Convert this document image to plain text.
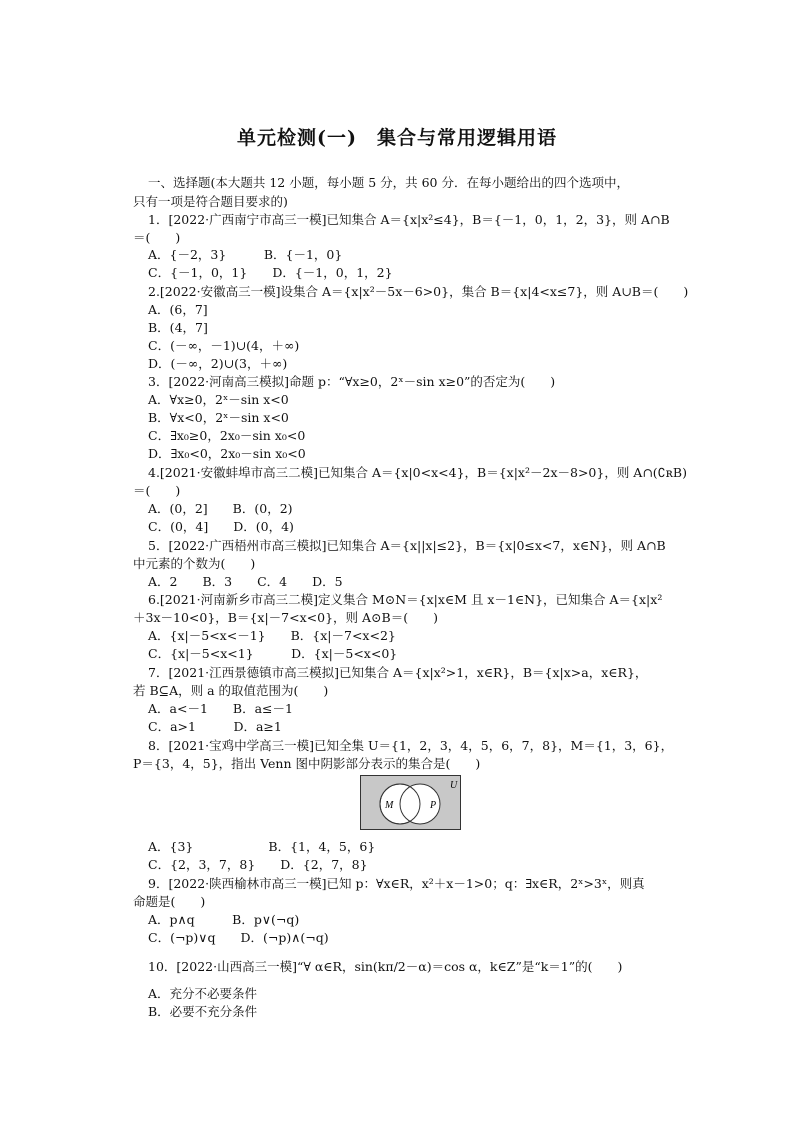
单元检测(一)　集合与常用逻辑用语
一、选择题(本大题共 12 小题，每小题 5 分，共 60 分．在每小题给出的四个选项中，
只有一项是符合题目要求的)
1．[2022·广西南宁市高三一模]已知集合 A＝{x|x²≤4}，B＝{－1，0，1，2，3}，则 A∩B
＝(　　)
A．{－2，3}　　　B．{－1，0}
C．{－1，0，1}　　D．{－1，0，1，2}
2.[2022·安徽高三一模]设集合 A＝{x|x²－5x－6>0}，集合 B＝{x|4<x≤7}，则 A∪B＝(　　)
A．(6，7]
B．(4，7]
C．(－∞，－1)∪(4，＋∞)
D．(－∞，2)∪(3，＋∞)
3．[2022·河南高三模拟]命题 p：“∀x≥0，2ˣ－sin x≥0”的否定为(　　)
A．∀x≥0，2ˣ－sin x<0
B．∀x<0，2ˣ－sin x<0
C．∃x₀≥0，2x₀－sin x₀<0
D．∃x₀<0，2x₀－sin x₀<0
4.[2021·安徽蚌埠市高三二模]已知集合 A＝{x|0<x<4}，B＝{x|x²－2x－8>0}，则 A∩(∁ʀB)
＝(　　)
A．(0，2]　　B．(0，2)
C．(0，4]　　D．(0，4)
5．[2022·广西梧州市高三模拟]已知集合 A＝{x||x|≤2}，B＝{x|0≤x<7，x∈N}，则 A∩B
中元素的个数为(　　)
A．2　　B．3　　C．4　　D．5
6.[2021·河南新乡市高三二模]定义集合 M⊙N＝{x|x∈M 且 x－1∈N}，已知集合 A＝{x|x²
＋3x－10<0}，B＝{x|－7<x<0}，则 A⊙B＝(　　)
A．{x|－5<x<－1}　　B．{x|－7<x<2}
C．{x|－5<x<1}　　　D．{x|－5<x<0}
7．[2021·江西景德镇市高三模拟]已知集合 A＝{x|x²>1，x∈R}，B＝{x|x>a，x∈R}，
若 B⊆A，则 a 的取值范围为(　　)
A．a<－1　　B．a≤－1
C．a>1　　　D．a≥1
8．[2021·宝鸡中学高三一模]已知全集 U＝{1，2，3，4，5，6，7，8}，M＝{1，3，6}，
P＝{3，4，5}，指出 Venn 图中阴影部分表示的集合是(　　)
A．{3}　　　　　　B．{1，4，5，6}
C．{2，3，7，8}　　D．{2，7，8}
9．[2022·陕西榆林市高三一模]已知 p：∀x∈R，x²＋x－1>0；q：∃x∈R，2ˣ>3ˣ，则真
命题是(　　)
A．p∧q　　　B．p∨(¬q)
C．(¬p)∨q　　D．(¬p)∧(¬q)
10．[2022·山西高三一模]“∀ α∈R，sin(kπ/2－α)＝cos α，k∈Z”是“k＝1”的(　　)
A．充分不必要条件
B．必要不充分条件
U
M	P
